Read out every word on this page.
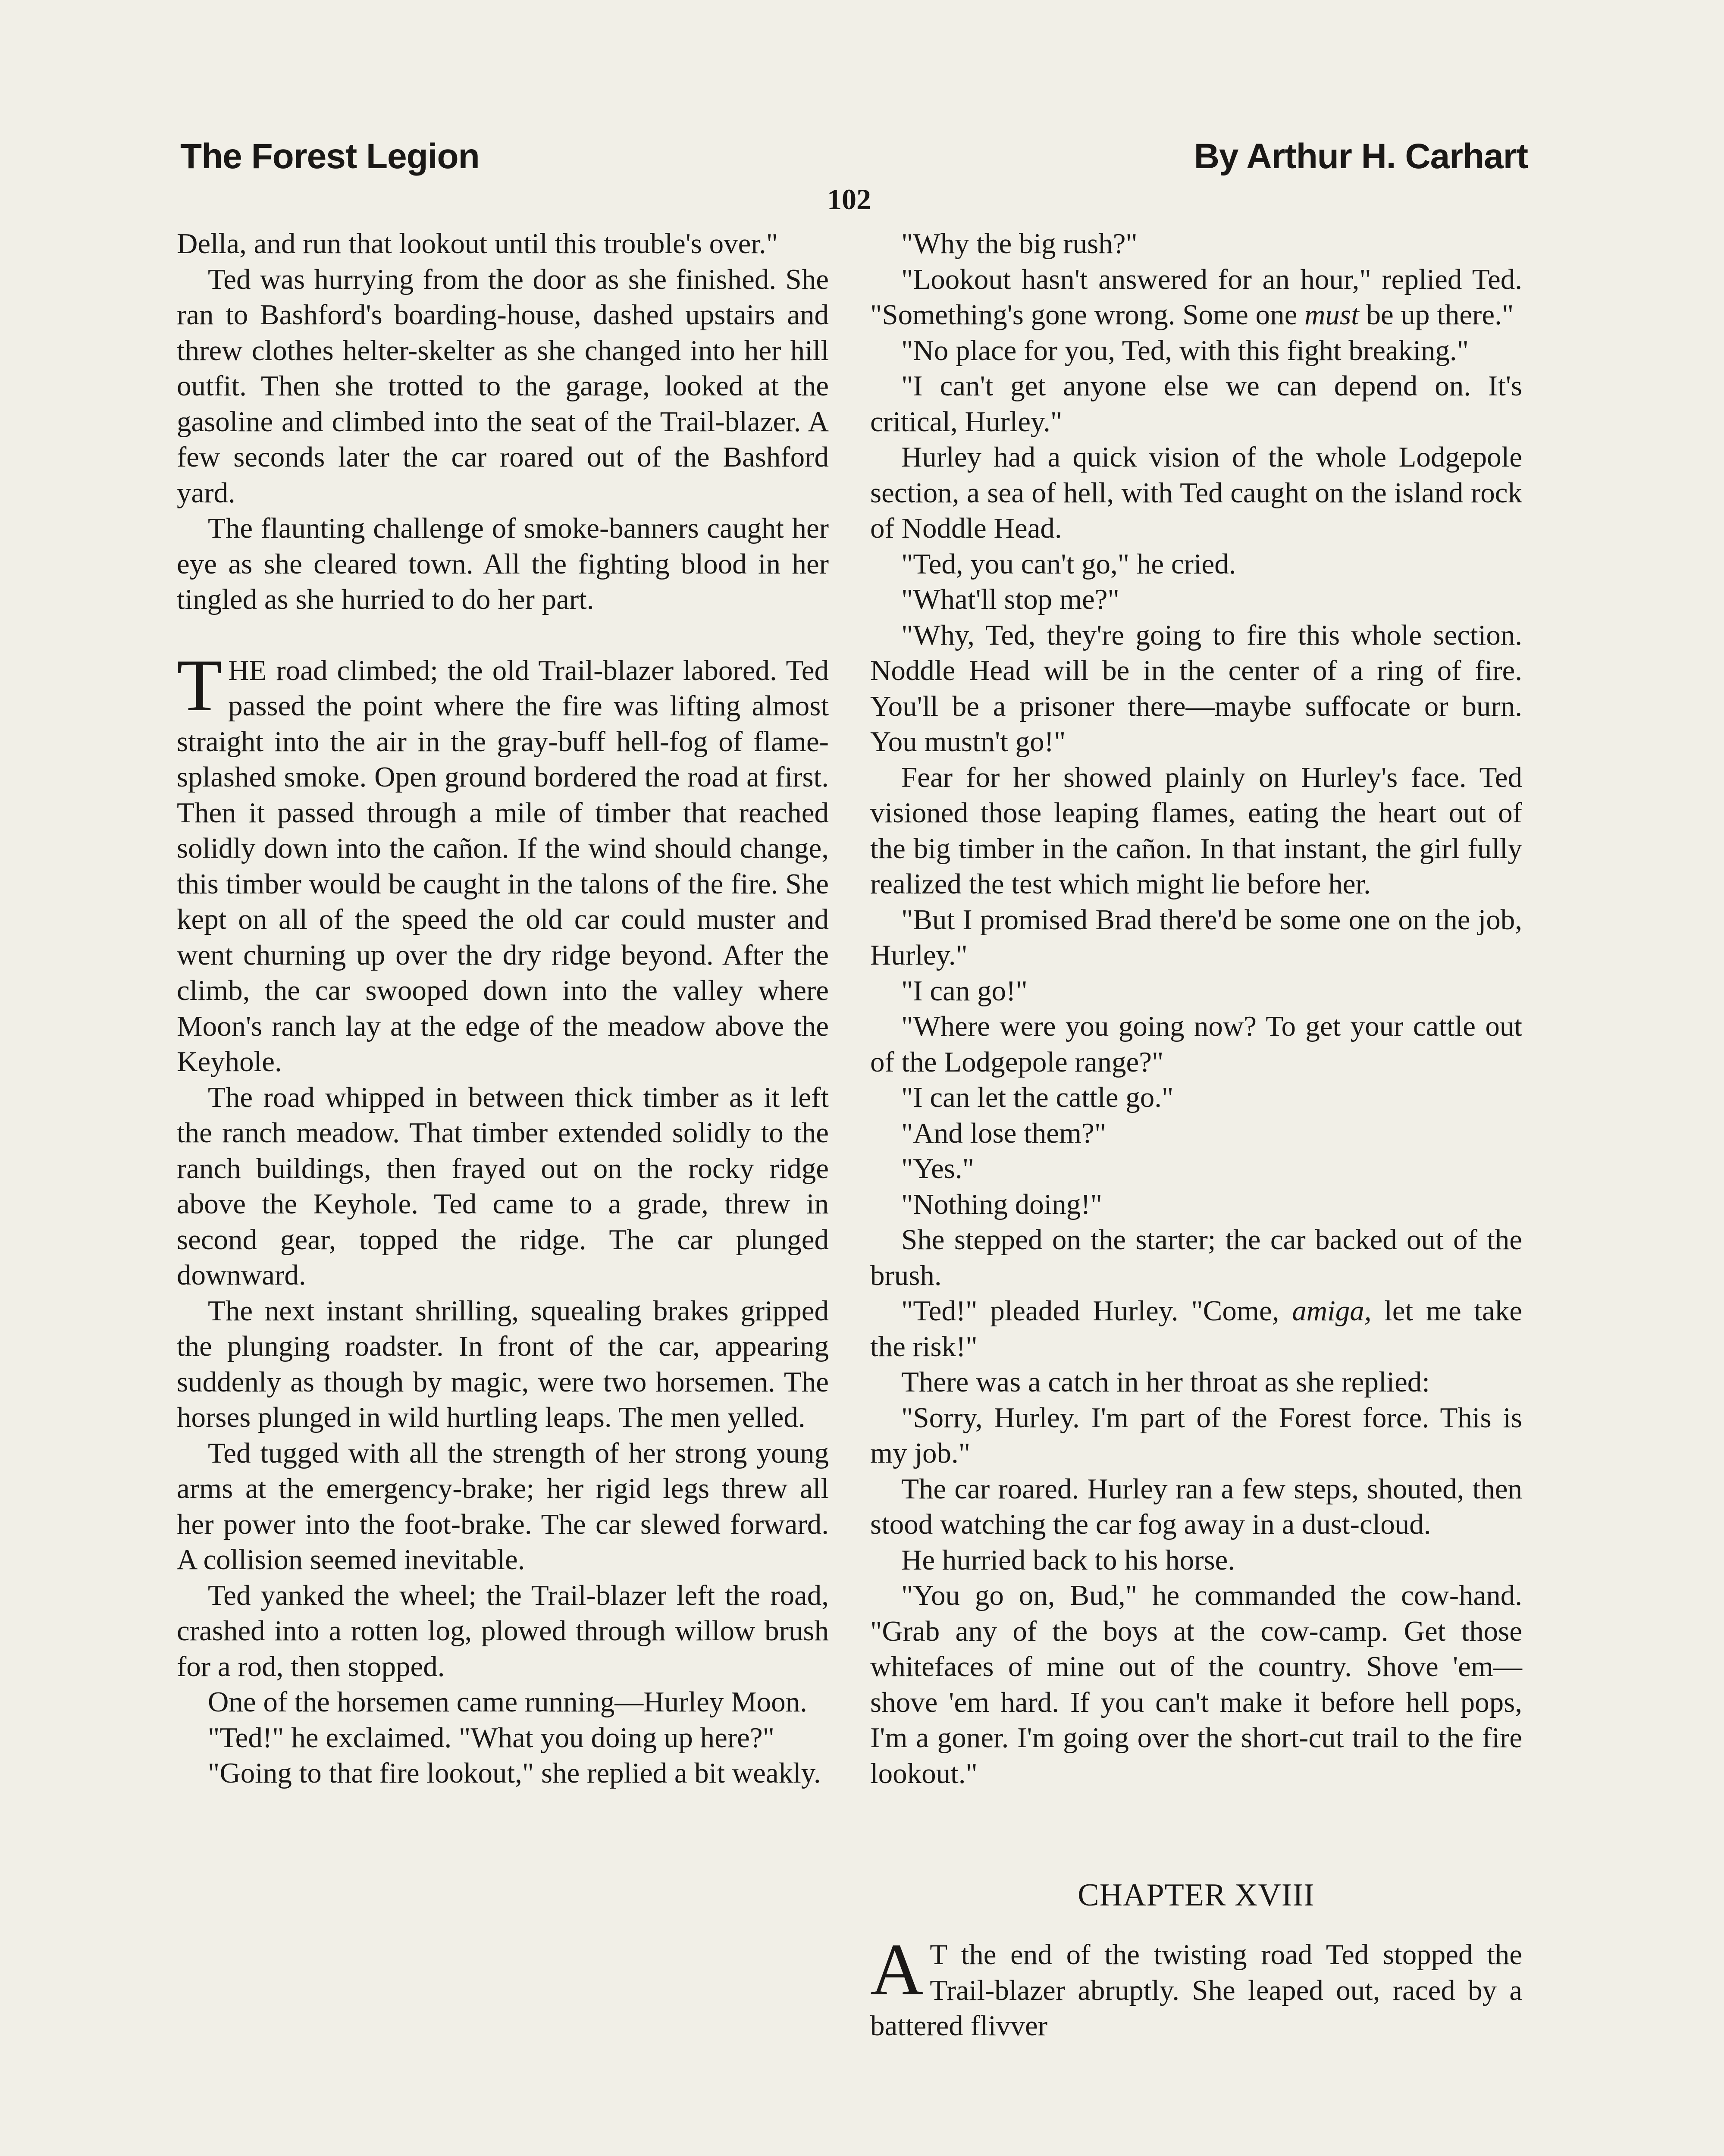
The Forest Legion	By Arthur H. Carhart
102

Della, and run that lookout until this trouble's over."

Ted was hurrying from the door as she finished. She ran to Bashford's boarding-house, dashed upstairs and threw clothes helter-skelter as she changed into her hill outfit. Then she trotted to the garage, looked at the gasoline and climbed into the seat of the Trail-blazer. A few seconds later the car roared out of the Bashford yard.

The flaunting challenge of smoke-banners caught her eye as she cleared town. All the fighting blood in her tingled as she hurried to do her part.

THE road climbed; the old Trail-blazer labored. Ted passed the point where the fire was lifting almost straight into the air in the gray-buff hell-fog of flame-splashed smoke. Open ground bordered the road at first. Then it passed through a mile of timber that reached solidly down into the cañon. If the wind should change, this timber would be caught in the talons of the fire. She kept on all of the speed the old car could muster and went churning up over the dry ridge beyond. After the climb, the car swooped down into the valley where Moon's ranch lay at the edge of the meadow above the Keyhole.

The road whipped in between thick timber as it left the ranch meadow. That timber extended solidly to the ranch buildings, then frayed out on the rocky ridge above the Keyhole. Ted came to a grade, threw in second gear, topped the ridge. The car plunged downward.

The next instant shrilling, squealing brakes gripped the plunging roadster. In front of the car, appearing suddenly as though by magic, were two horsemen. The horses plunged in wild hurtling leaps. The men yelled.

Ted tugged with all the strength of her strong young arms at the emergency-brake; her rigid legs threw all her power into the foot-brake. The car slewed forward. A collision seemed inevitable.

Ted yanked the wheel; the Trail-blazer left the road, crashed into a rotten log, plowed through willow brush for a rod, then stopped.

One of the horsemen came running—Hurley Moon.

"Ted!" he exclaimed. "What you doing up here?"

"Going to that fire lookout," she replied a bit weakly.

"Why the big rush?"

"Lookout hasn't answered for an hour," replied Ted. "Something's gone wrong. Some one must be up there."

"No place for you, Ted, with this fight breaking."

"I can't get anyone else we can depend on. It's critical, Hurley."

Hurley had a quick vision of the whole Lodgepole section, a sea of hell, with Ted caught on the island rock of Noddle Head.

"Ted, you can't go," he cried.

"What'll stop me?"

"Why, Ted, they're going to fire this whole section. Noddle Head will be in the center of a ring of fire. You'll be a prisoner there—maybe suffocate or burn. You mustn't go!"

Fear for her showed plainly on Hurley's face. Ted visioned those leaping flames, eating the heart out of the big timber in the cañon. In that instant, the girl fully realized the test which might lie before her.

"But I promised Brad there'd be some one on the job, Hurley."

"I can go!"

"Where were you going now? To get your cattle out of the Lodgepole range?"

"I can let the cattle go."

"And lose them?"

"Yes."

"Nothing doing!"

She stepped on the starter; the car backed out of the brush.

"Ted!" pleaded Hurley. "Come, amiga, let me take the risk!"

There was a catch in her throat as she replied:

"Sorry, Hurley. I'm part of the Forest force. This is my job."

The car roared. Hurley ran a few steps, shouted, then stood watching the car fog away in a dust-cloud.

He hurried back to his horse.

"You go on, Bud," he commanded the cow-hand. "Grab any of the boys at the cow-camp. Get those whitefaces of mine out of the country. Shove 'em—shove 'em hard. If you can't make it before hell pops, I'm a goner. I'm going over the short-cut trail to the fire lookout."

CHAPTER XVIII

A T the end of the twisting road Ted stopped the Trail-blazer abruptly. She leaped out, raced by a battered flivver
